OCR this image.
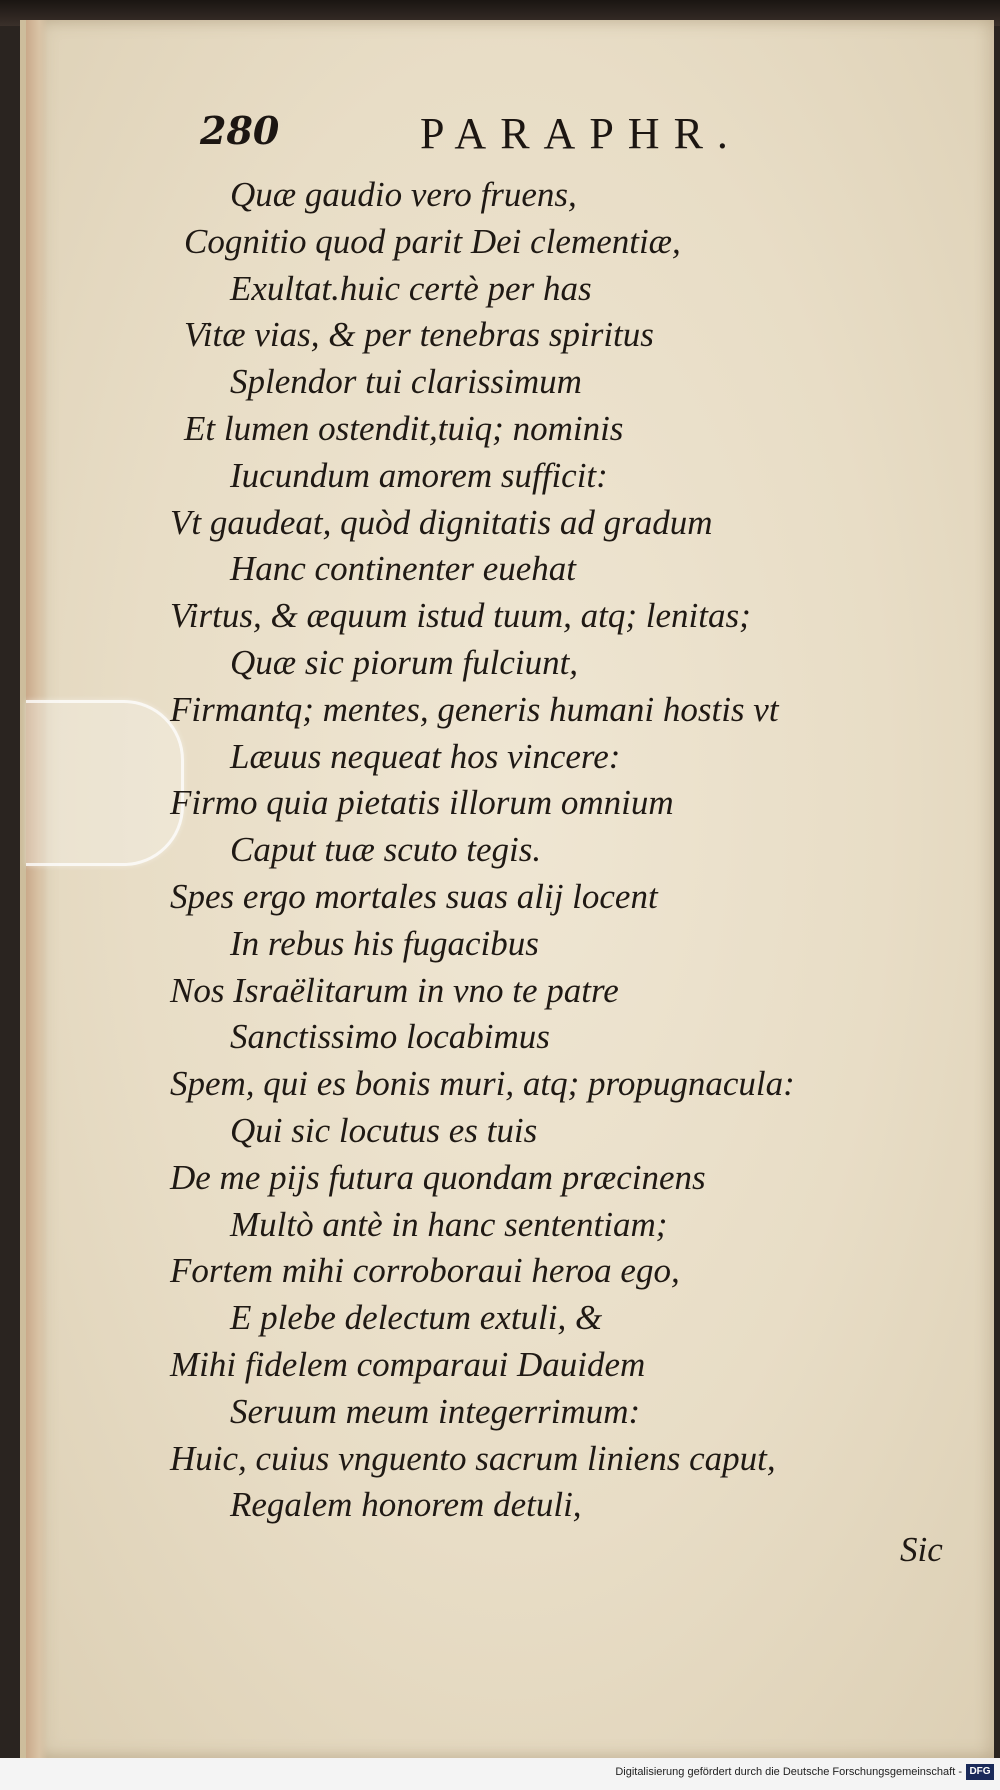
280	PARAPHR.
Quæ gaudio vero fruens,
Cognitio quod parit Dei clementiæ,
Exultat.huic certè per has
Vitæ vias, & per tenebras spiritus
Splendor tui clarissimum
Et lumen ostendit,tuiq; nominis
Iucundum amorem sufficit:
Vt gaudeat, quòd dignitatis ad gradum
Hanc continenter euehat
Virtus, & æquum istud tuum, atq; lenitas;
Quæ sic piorum fulciunt,
Firmantq; mentes, generis humani hostis vt
Læuus nequeat hos vincere:
Firmo quia pietatis illorum omnium
Caput tuæ scuto tegis.
Spes ergo mortales suas alij locent
In rebus his fugacibus
Nos Israëlitarum in vno te patre
Sanctissimo locabimus
Spem, qui es bonis muri, atq; propugnacula:
Qui sic locutus es tuis
De me pijs futura quondam præcinens
Multò antè in hanc sententiam;
Fortem mihi corroboraui heroa ego,
E plebe delectum extuli, &
Mihi fidelem comparaui Dauidem
Seruum meum integerrimum:
Huic, cuius vnguento sacrum liniens caput,
Regalem honorem detuli,
Sic
Digitalisierung gefördert durch die Deutsche Forschungsgemeinschaft - DFG
